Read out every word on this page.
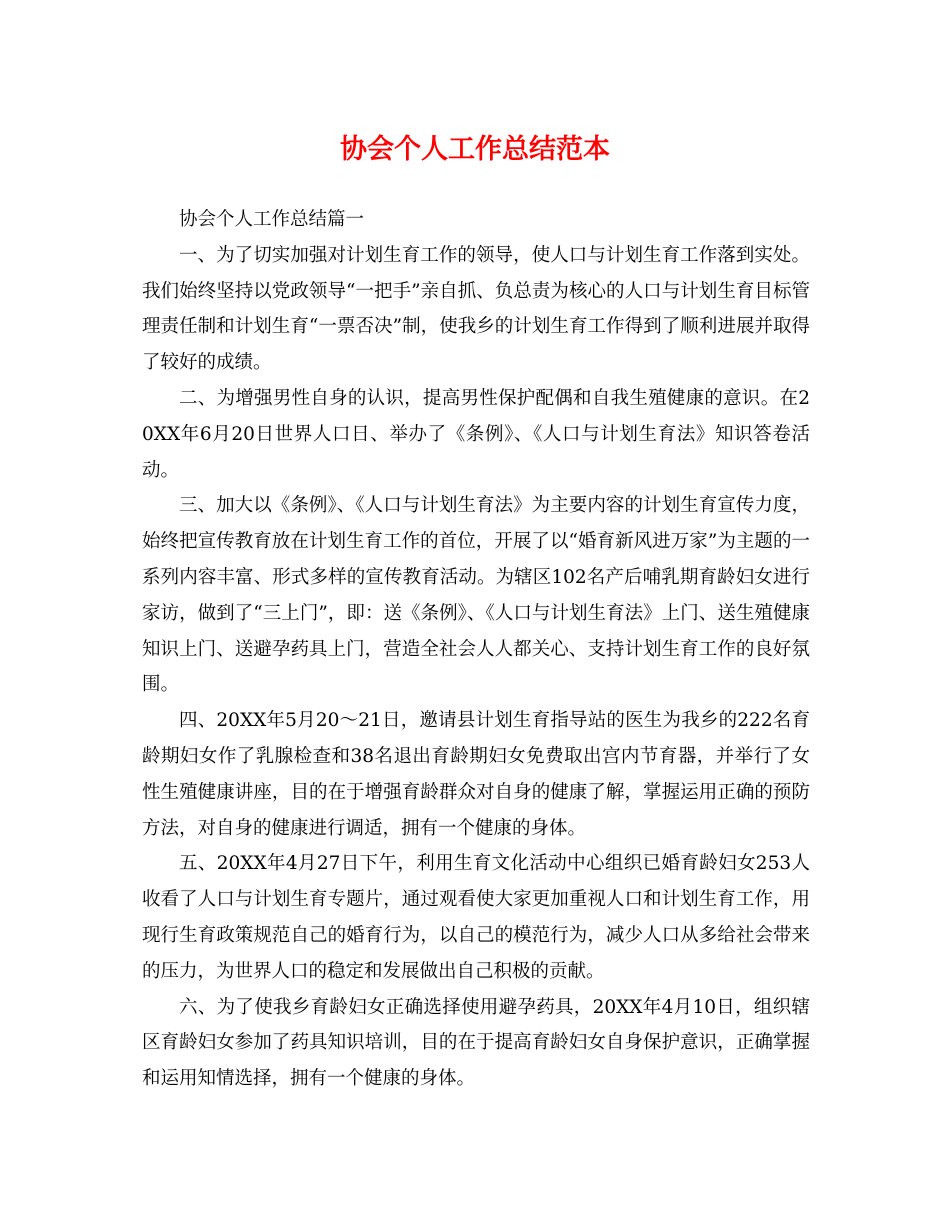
协会个人工作总结范本

协会个人工作总结篇一

一、为了切实加强对计划生育工作的领导，使人口与计划生育工作落到实处。我们始终坚持以党政领导“一把手”亲自抓、负总责为核心的人口与计划生育目标管理责任制和计划生育“一票否决”制，使我乡的计划生育工作得到了顺利进展并取得了较好的成绩。

二、为增强男性自身的认识，提高男性保护配偶和自我生殖健康的意识。在20XX年6月20日世界人口日、举办了《条例》、《人口与计划生育法》知识答卷活动。

三、加大以《条例》、《人口与计划生育法》为主要内容的计划生育宣传力度，始终把宣传教育放在计划生育工作的首位，开展了以“婚育新风进万家”为主题的一系列内容丰富、形式多样的宣传教育活动。为辖区102名产后哺乳期育龄妇女进行家访，做到了“三上门”，即：送《条例》、《人口与计划生育法》上门、送生殖健康知识上门、送避孕药具上门，营造全社会人人都关心、支持计划生育工作的良好氛围。

四、20XX年5月20～21日，邀请县计划生育指导站的医生为我乡的222名育龄期妇女作了乳腺检查和38名退出育龄期妇女免费取出宫内节育器，并举行了女性生殖健康讲座，目的在于增强育龄群众对自身的健康了解，掌握运用正确的预防方法，对自身的健康进行调适，拥有一个健康的身体。

五、20XX年4月27日下午，利用生育文化活动中心组织已婚育龄妇女253人收看了人口与计划生育专题片，通过观看使大家更加重视人口和计划生育工作，用现行生育政策规范自己的婚育行为，以自己的模范行为，减少人口从多给社会带来的压力，为世界人口的稳定和发展做出自己积极的贡献。

六、为了使我乡育龄妇女正确选择使用避孕药具，20XX年4月10日，组织辖区育龄妇女参加了药具知识培训，目的在于提高育龄妇女自身保护意识，正确掌握和运用知情选择，拥有一个健康的身体。
